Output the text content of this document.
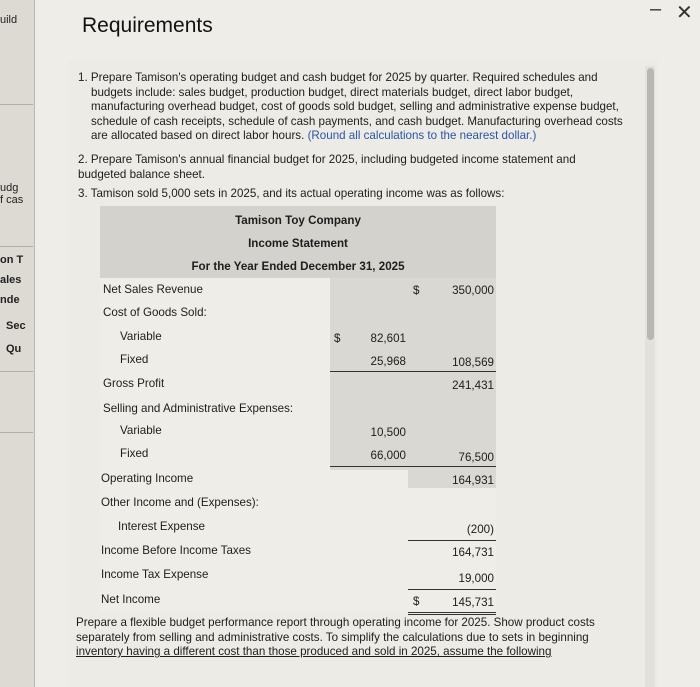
uild
udg
f cas
on T
ales
nde
Sec
Qu
Requirements
– ✕
1. Prepare Tamison's operating budget and cash budget for 2025 by quarter. Required schedules and
budgets include: sales budget, production budget, direct materials budget, direct labor budget,
manufacturing overhead budget, cost of goods sold budget, selling and administrative expense budget,
schedule of cash receipts, schedule of cash payments, and cash budget. Manufacturing overhead costs
are allocated based on direct labor hours. (Round all calculations to the nearest dollar.)
2. Prepare Tamison's annual financial budget for 2025, including budgeted income statement and
budgeted balance sheet.
3. Tamison sold 5,000 sets in 2025, and its actual operating income was as follows:
Tamison Toy Company
Income Statement
For the Year Ended December 31, 2025
Net Sales Revenue	$	350,000
Cost of Goods Sold:
Variable	$	82,601
Fixed	25,968	108,569
Gross Profit	241,431
Selling and Administrative Expenses:
Variable	10,500
Fixed	66,000	76,500
Operating Income	164,931
Other Income and (Expenses):
Interest Expense	(200)
Income Before Income Taxes	164,731
Income Tax Expense	19,000
Net Income	$	145,731
Prepare a flexible budget performance report through operating income for 2025. Show product costs
separately from selling and administrative costs. To simplify the calculations due to sets in beginning
inventory having a different cost than those produced and sold in 2025, assume the following
